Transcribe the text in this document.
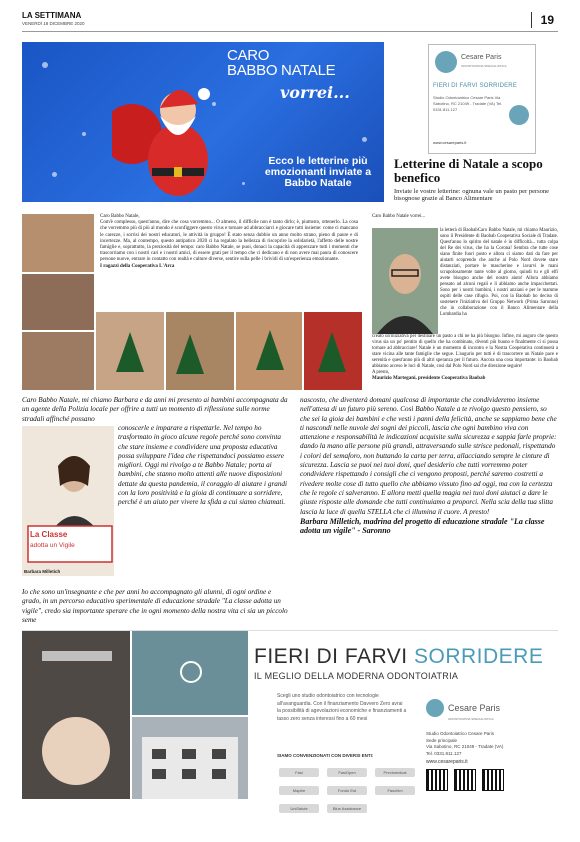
LA SETTIMANA
VENERDÌ 18 DICEMBRE 2020	19
CARO
BABBO NATALE
vorrei...
Ecco le letterine più emozionanti inviate a Babbo Natale
Cesare Paris
ODONTOIATRIA SPECIALISTICA
FIERI DI FARVI SORRIDERE
Studio Odontoiatrico Cesare Paris Via Sabotino, RC 21049 - Tradate (VA) Tel. 0331.811.127
www.cesareparis.it
Letterine di Natale a scopo benefico
Inviate le vostre letterine: ognuna vale un pasto per persone bisognose grazie al Banco Alimentare
Caro Babbo Natale,
Com'è complesso, quest'anno, dire che cosa vorremmo... O almeno, il difficile non è tanto dirlo; è, piuttosto, ottenerlo. La cosa che vorremmo più di più al mondo è sconfiggere questo virus e tornare ad abbracciarci e giocare tutti insieme: come ci mancano le carezze, i sorrisi dei nostri educatori, le attività in gruppo! È stato senza dubbio un anno molto strano, pieno di paure e di incertezze. Ma, al contempo, questo antipatico 2020 ci ha regalato la bellezza di riscoprire la solidarietà, l'affetto delle nostre famiglie e, soprattutto, la preziosità del tempo: caro Babbo Natale, se puoi, donaci la capacità di apprezzare tutti i momenti che trascorriamo con i nostri cari e i nostri amici, di essere grati per il tempo che ci dedicano e di non avere mai paura di conoscere persone nuove, entrare in contatto con realtà e culture diverse, sentire sulla pelle i brividi di un'esperienza emozionante.
I ragazzi della Cooperativa L'Arca
Caro Babbo Natale vorrei...
la letterà di BaobabCaro Babbo Natale, mi chiamo Maurizio, sono il Presidente di Baobab Cooperativa Sociale di Tradate. Quest'anno lo spirito del natale è in difficoltà... tutta colpa del Re dei virus, che ha la Corona! Sembra che tutte cose siano finite fuori posto e allora ci siamo dati da fare per aiutarti scoprendo che anche al Polo Nord dovete stare distanziati, portare le mascherine e lavarvi le mani scrupolosamente tante volte al giorno, quindi tu e gli elfi avete bisogno anche del nostro aiuto! Allora abbiamo pensato ad alcuni regali e li abbiamo anche impacchettati. Sono per i nostri bambini, i nostri anziani e per le mamme ospiti delle case rifugio. Poi, con la Baobab ho deciso di sostenere l'iniziativa del Gruppo Network (Prima Saronno) che in collaborazione con il Banco Alimentare della Lombardia ha
creato un'iniziativa per destinare un pasto a chi ne ha più bisogno. Infine, mi auguro che questo virus sia un po' pentito di quello che ha combinato, diventi più buono e finalmente ci si possa tornare ad abbracciare! Natale è un momento di incontro e la Nostra Cooperativa continuerà a stare vicina alle tante famiglie che segue. L'augurio per tutti è di trascorrere un Natale pace e serenità e quest'anno più di altri speranza per il futuro. Ancora una cosa importante: in Baobab abbiamo acceso le luci di Natale, così dal Polo Nord sai che direzione seguire!
A presto,
Maurizio Martegani, presidente Cooperativa Baobab
Caro Babbo Natale, mi chiamo Barbara e da anni mi presento ai bambini accompagnata da un agente della Polizia locale per offrire a tutti un momento di riflessione sulle norme stradali affinché possano
La Classe
adotta un Vigile
Barbara Milletich
conoscerle e imparare a rispettarle. Nel tempo ho trasformato in gioco alcune regole perché sono convinta che stare insieme e condividere una proposta educativa possa sviluppare l'idea che rispettandoci possiamo essere migliori. Oggi mi rivolgo a te Babbo Natale; porta ai bambini, che stanno molto attenti alle nuove disposizioni dettate da questa pandemia, il coraggio di aiutare i grandi con la loro positività e la gioia di continuare a sorridere, perché è un aiuto per vivere la sfida a cui siamo chiamati.
Io che sono un'insegnante e che per anni ho accompagnato gli alunni, di ogni ordine e grado, in un percorso educativo sperimentale di educazione stradale "La classe adotta un vigile", credo sia importante sperare che in ogni momento della nostra vita ci sia un piccolo seme
nascosto, che diventerà domani qualcosa di importante che condivideremo insieme nell'attesa di un futuro più sereno. Così Babbo Natale a te rivolgo questo pensiero, so che sei la gioia dei bambini e che vesti i panni della felicità, anche se sappiamo bene che ti nascondi nelle nuvole dei sogni dei piccoli, lascia che ogni bambino viva con attenzione e responsabilità le indicazioni acquisite sulla sicurezza e sappia farle proprie: dando la mano alle persone più grandi, attraversando sulle strisce pedonali, rispettando i colori del semaforo, non buttando la carta per terra, allacciando sempre le cinture di sicurezza. Lascia se puoi nei tuoi doni, quel desiderio che tutti vorremmo poter condividere rispettando i consigli che ci vengono proposti, perché saremo costretti a rivedere molte cose di tutto quello che abbiamo vissuto fino ad oggi, ma con la certezza che le regole ci salveranno. E allora metti quella magia nei tuoi doni aiutaci a dare le giuste risposte alle domande che tutti continuiamo a proporci. Nella scia della tua slitta lascia la luce di quella STELLA che ci illumina il cuore. A presto!
Barbara Milletich, madrina del progetto di educazione stradale "La classe adotta un vigile" - Saronno
FIERI DI FARVI SORRIDERE
IL MEGLIO DELLA MODERNA ODONTOIATRIA
Scegli uno studio odontoiatrico con tecnologie all'avanguardia. Con il finanziamento Davvero Zero avrai la possibilità di agevolazioni economiche e finanziamenti a tasso zero senza interessi fino a 60 mesi
SIAMO CONVENZIONATI CON DIVERSI ENTI:
Fasi	FasiOpen	Previmedical Mapfre	Fondo Est	Faschim UniSalute	Blue Assistance
Cesare Paris
ODONTOIATRIA SPECIALISTICA
Studio Odontoiatrico Cesare Paris
Sede principale
Via Sabotino, RC 21049 - Tradate (VA)
Tel. 0331.811.127
www.cesareparis.it
